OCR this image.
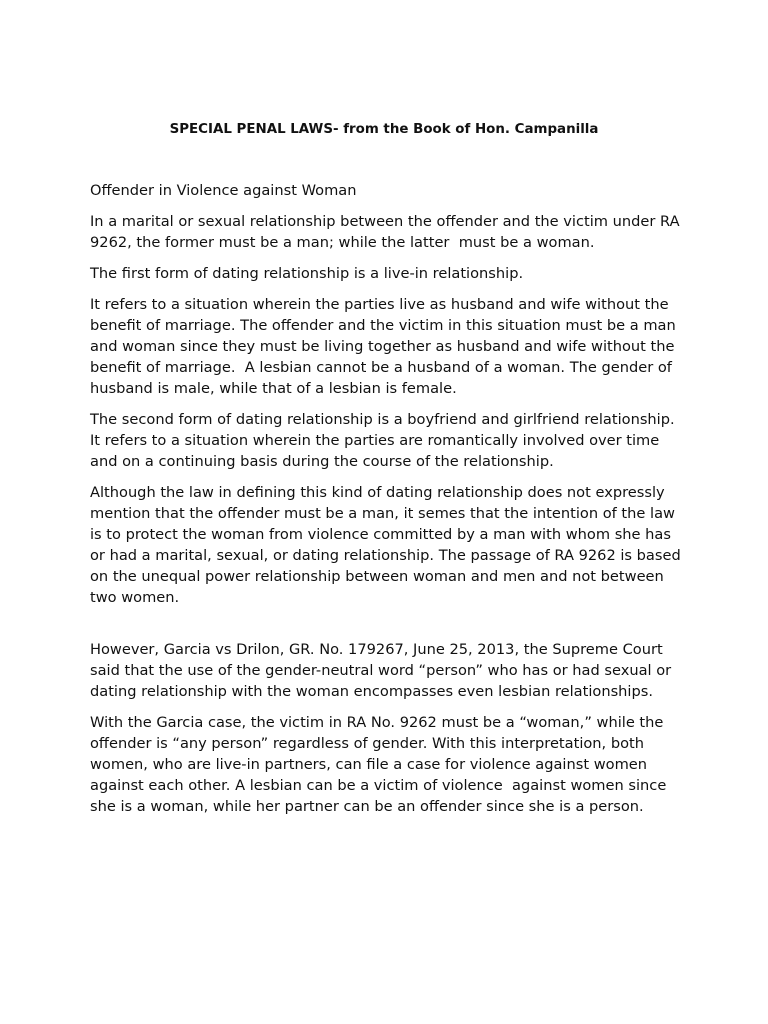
SPECIAL PENAL LAWS- from the Book of Hon. Campanilla

Offender in Violence against Woman

In a marital or sexual relationship between the offender and the victim under RA 9262, the former must be a man; while the latter  must be a woman.

The first form of dating relationship is a live-in relationship.

It refers to a situation wherein the parties live as husband and wife without the benefit of marriage. The offender and the victim in this situation must be a man and woman since they must be living together as husband and wife without the benefit of marriage.  A lesbian cannot be a husband of a woman. The gender of husband is male, while that of a lesbian is female.

The second form of dating relationship is a boyfriend and girlfriend relationship. It refers to a situation wherein the parties are romantically involved over time and on a continuing basis during the course of the relationship.

Although the law in defining this kind of dating relationship does not expressly mention that the offender must be a man, it semes that the intention of the law is to protect the woman from violence committed by a man with whom she has or had a marital, sexual, or dating relationship. The passage of RA 9262 is based on the unequal power relationship between woman and men and not between two women.

However, Garcia vs Drilon, GR. No. 179267, June 25, 2013, the Supreme Court said that the use of the gender-neutral word “person” who has or had sexual or dating relationship with the woman encompasses even lesbian relationships.

With the Garcia case, the victim in RA No. 9262 must be a “woman,” while the offender is “any person” regardless of gender. With this interpretation, both women, who are live-in partners, can file a case for violence against women against each other. A lesbian can be a victim of violence  against women since she is a woman, while her partner can be an offender since she is a person.
